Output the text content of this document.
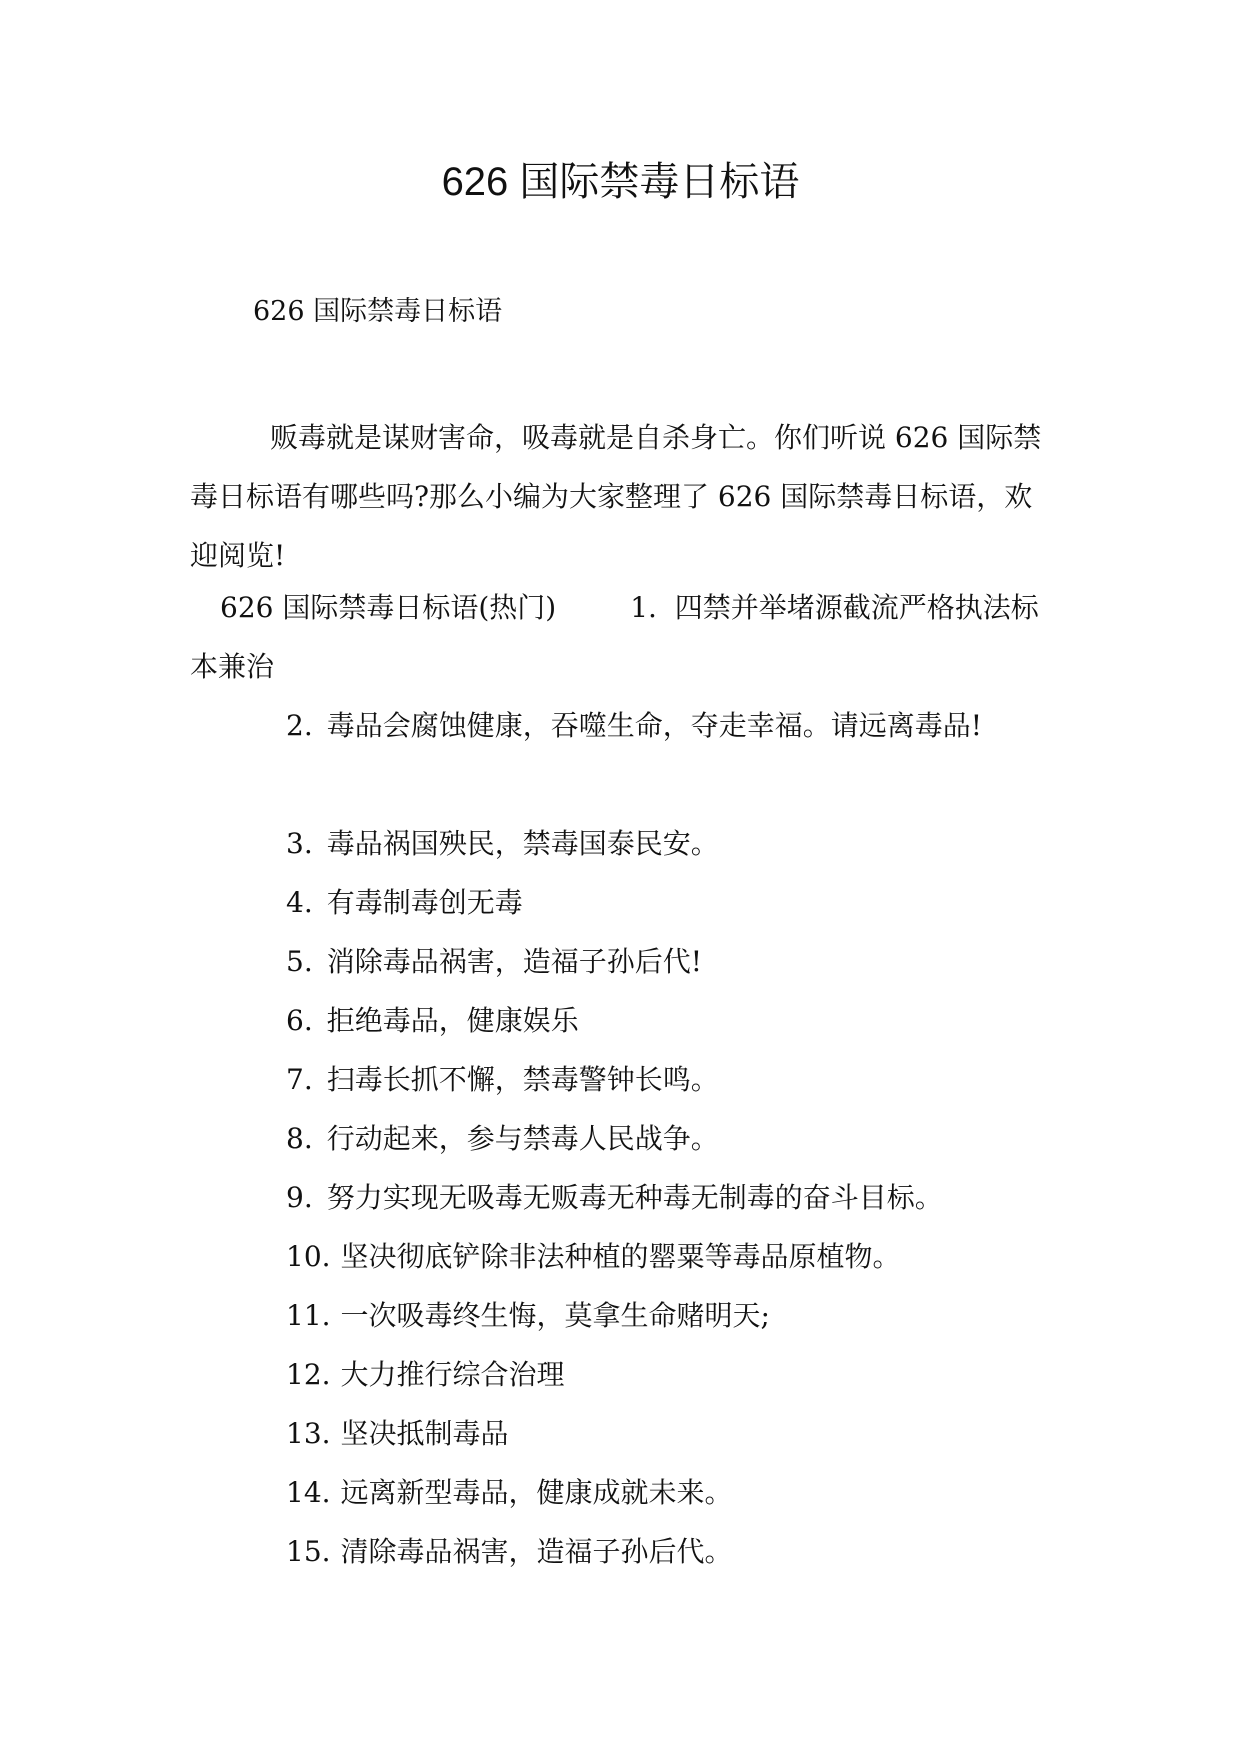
626 国际禁毒日标语

626 国际禁毒日标语

贩毒就是谋财害命，吸毒就是自杀身亡。你们听说 626 国际禁毒日标语有哪些吗?那么小编为大家整理了 626 国际禁毒日标语，欢迎阅览!

626 国际禁毒日标语(热门)	1. 四禁并举堵源截流严格执法标本兼治

2. 毒品会腐蚀健康，吞噬生命，夺走幸福。请远离毒品!

3. 毒品祸国殃民，禁毒国泰民安。

4. 有毒制毒创无毒

5. 消除毒品祸害，造福子孙后代!

6. 拒绝毒品，健康娱乐

7. 扫毒长抓不懈，禁毒警钟长鸣。

8. 行动起来，参与禁毒人民战争。

9. 努力实现无吸毒无贩毒无种毒无制毒的奋斗目标。

10. 坚决彻底铲除非法种植的罂粟等毒品原植物。

11. 一次吸毒终生悔，莫拿生命赌明天;

12. 大力推行综合治理

13. 坚决抵制毒品

14. 远离新型毒品，健康成就未来。

15. 清除毒品祸害，造福子孙后代。
